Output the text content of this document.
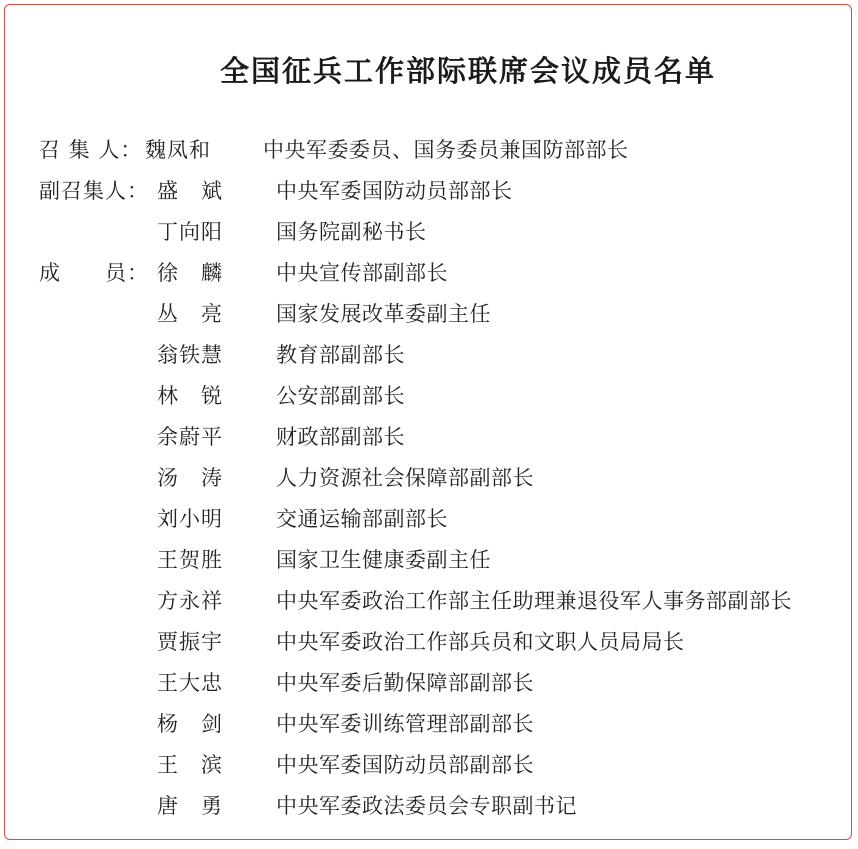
全国征兵工作部际联席会议成员名单
召 集 人： 魏凤和 中央军委委员、国务委员兼国防部部长
副召集人： 盛　斌	中央军委国防动员部部长
丁向阳	国务院副秘书长
成　　员： 徐　麟	中央宣传部副部长
丛　亮	国家发展改革委副主任
翁铁慧	教育部副部长
林　锐	公安部副部长
余蔚平	财政部副部长
汤　涛	人力资源社会保障部副部长
刘小明	交通运输部副部长
王贺胜	国家卫生健康委副主任
方永祥	中央军委政治工作部主任助理兼退役军人事务部副部长
贾振宇	中央军委政治工作部兵员和文职人员局局长
王大忠	中央军委后勤保障部副部长
杨　剑	中央军委训练管理部副部长
王　滨	中央军委国防动员部副部长
唐　勇	中央军委政法委员会专职副书记
